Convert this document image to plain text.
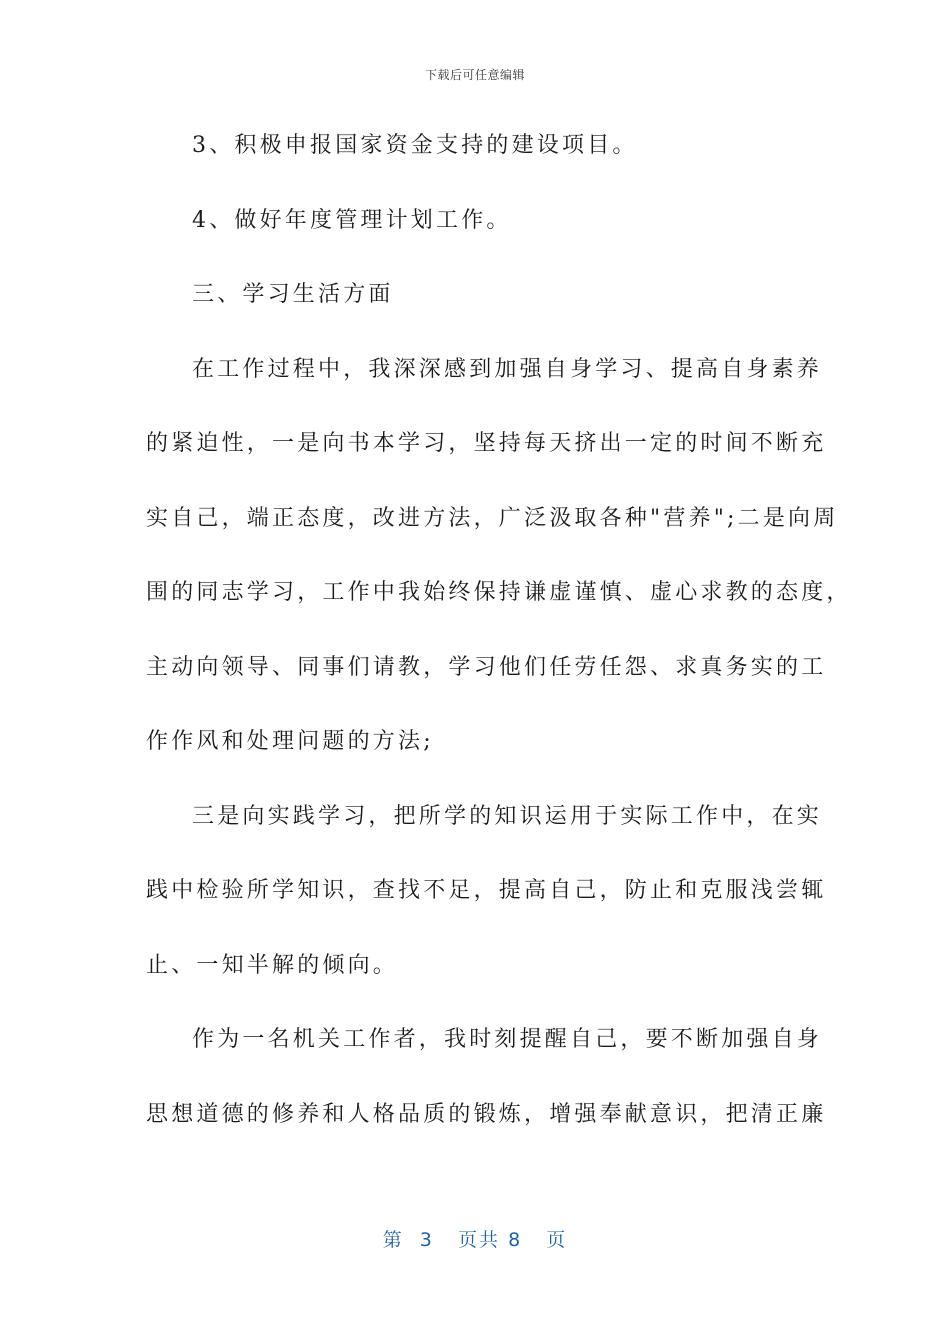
下载后可任意编辑
3、积极申报国家资金支持的建设项目。
4、做好年度管理计划工作。
三、学习生活方面
在工作过程中，我深深感到加强自身学习、提高自身素养
的紧迫性，一是向书本学习，坚持每天挤出一定的时间不断充
实自己，端正态度，改进方法，广泛汲取各种"营养";二是向周
围的同志学习，工作中我始终保持谦虚谨慎、虚心求教的态度，
主动向领导、同事们请教，学习他们任劳任怨、求真务实的工
作作风和处理问题的方法;
三是向实践学习，把所学的知识运用于实际工作中，在实
践中检验所学知识，查找不足，提高自己，防止和克服浅尝辄
止、一知半解的倾向。
作为一名机关工作者，我时刻提醒自己，要不断加强自身
思想道德的修养和人格品质的锻炼，增强奉献意识，把清正廉
第 3 页共 8 页
